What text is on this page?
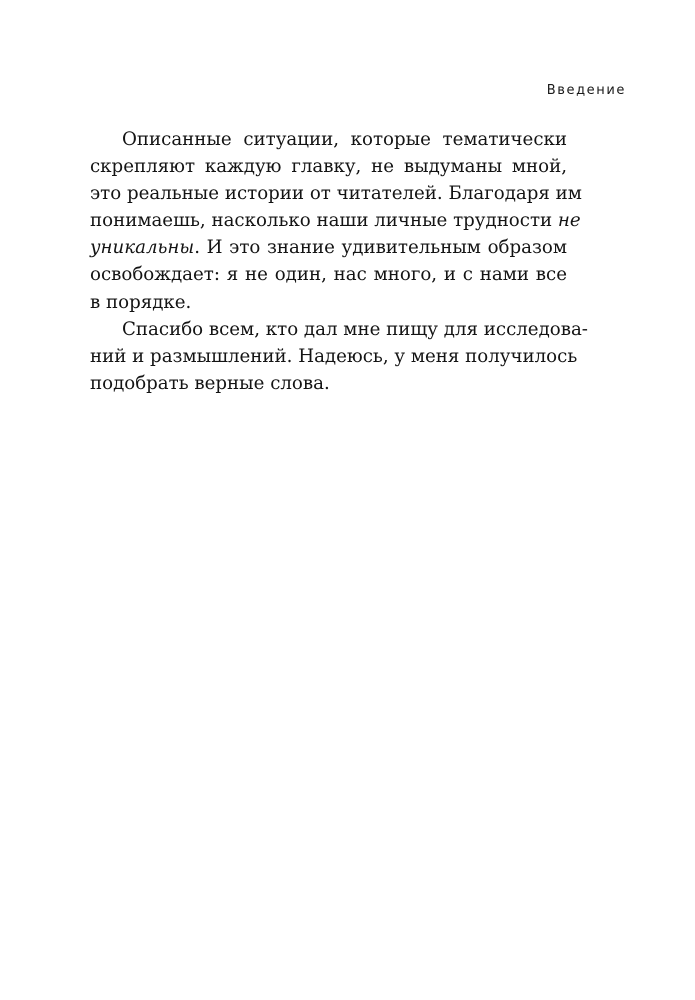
Введение

Описанные ситуации, которые тематически
скрепляют каждую главку, не выдуманы мной,
это реальные истории от читателей. Благодаря им
понимаешь, насколько наши личные трудности не
уникальны. И это знание удивительным образом
освобождает: я не один, нас много, и с нами все
в порядке.

Спасибо всем, кто дал мне пищу для исследова-
ний и размышлений. Надеюсь, у меня получилось
подобрать верные слова.
